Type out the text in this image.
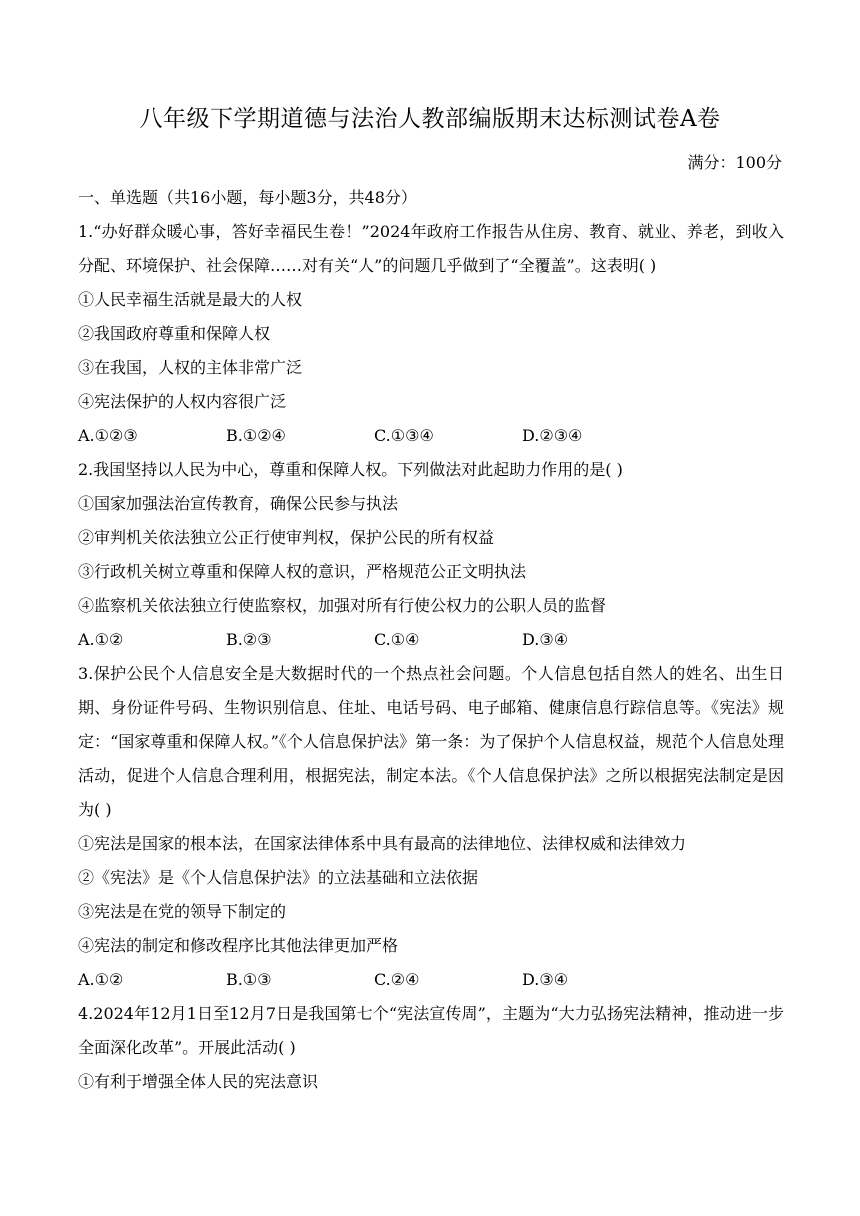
八年级下学期道德与法治人教部编版期末达标测试卷A卷
满分：100分
一、单选题（共16小题，每小题3分，共48分）
1.“办好群众暖心事，答好幸福民生卷！”2024年政府工作报告从住房、教育、就业、养老，到收入分配、环境保护、社会保障……对有关“人”的问题几乎做到了“全覆盖”。这表明( )
①人民幸福生活就是最大的人权
②我国政府尊重和保障人权
③在我国，人权的主体非常广泛
④宪法保护的人权内容很广泛
A.①②③	B.①②④	C.①③④	D.②③④
2.我国坚持以人民为中心，尊重和保障人权。下列做法对此起助力作用的是( )
①国家加强法治宣传教育，确保公民参与执法
②审判机关依法独立公正行使审判权，保护公民的所有权益
③行政机关树立尊重和保障人权的意识，严格规范公正文明执法
④监察机关依法独立行使监察权，加强对所有行使公权力的公职人员的监督
A.①②	B.②③	C.①④	D.③④
3.保护公民个人信息安全是大数据时代的一个热点社会问题。个人信息包括自然人的姓名、出生日期、身份证件号码、生物识别信息、住址、电话号码、电子邮箱、健康信息行踪信息等。《宪法》规定：“国家尊重和保障人权。”《个人信息保护法》第一条：为了保护个人信息权益，规范个人信息处理活动，促进个人信息合理利用，根据宪法，制定本法。《个人信息保护法》之所以根据宪法制定是因为( )
①宪法是国家的根本法，在国家法律体系中具有最高的法律地位、法律权威和法律效力
②《宪法》是《个人信息保护法》的立法基础和立法依据
③宪法是在党的领导下制定的
④宪法的制定和修改程序比其他法律更加严格
A.①②	B.①③	C.②④	D.③④
4.2024年12月1日至12月7日是我国第七个“宪法宣传周”，主题为“大力弘扬宪法精神，推动进一步全面深化改革”。开展此活动( )
①有利于增强全体人民的宪法意识
